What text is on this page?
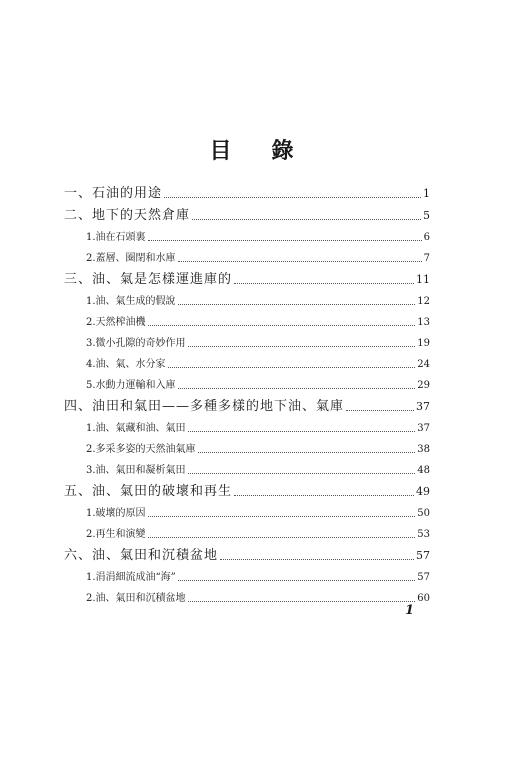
目 錄
一、石油的用途	1
二、地下的天然倉庫	5
1.油在石頭裏	6
2.蓋層、圈閉和水庫	7
三、油、氣是怎樣運進庫的	11
1.油、氣生成的假說	12
2.天然榨油機	13
3.微小孔隙的奇妙作用	19
4.油、氣、水分家	24
5.水動力運輸和入庫	29
四、油田和氣田——多種多樣的地下油、氣庫	37
1.油、氣藏和油、氣田	37
2.多采多姿的天然油氣庫	38
3.油、氣田和凝析氣田	48
五、油、氣田的破壞和再生	49
1.破壞的原因	50
2.再生和演變	53
六、油、氣田和沉積盆地	57
1.涓涓細流成油“海”	57
2.油、氣田和沉積盆地	60
1
